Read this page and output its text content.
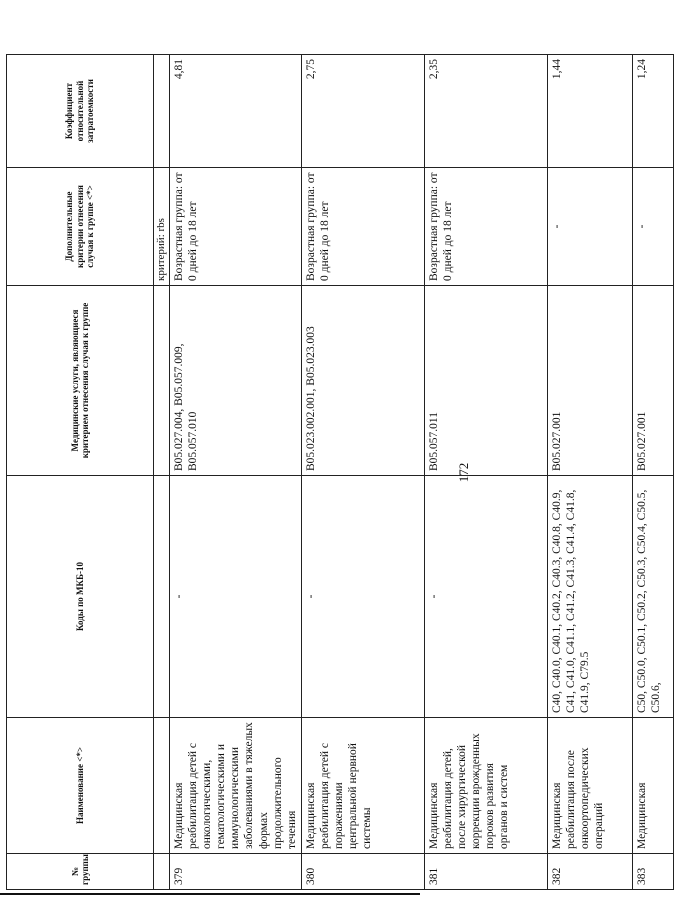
№ группы	Наименование <*>	Коды по МКБ-10	Медицинские услуги, являющиеся критерием отнесения случая к группе	Дополнительные критерии отнесения случая к группе <*>	Коэффициент относительной затратоемкости
				критерий: rbs	
379	Медицинская реабилитация детей с онкологическими, гематологическими и иммунологическими заболеваниями в тяжелых формах продолжительного течения	-	B05.027.004, B05.057.009, B05.057.010	Возрастная группа: от 0 дней до 18 лет	4,81
380	Медицинская реабилитация детей с поражениями центральной нервной системы	-	B05.023.002.001, B05.023.003	Возрастная группа: от 0 дней до 18 лет	2,75
381	Медицинская реабилитация детей, после хирургической коррекции врожденных пороков развития органов и систем	-	B05.057.011	Возрастная группа: от 0 дней до 18 лет	2,35
382	Медицинская реабилитация после онкоортопедических операций	C40, C40.0, C40.1, C40.2, C40.3, C40.8, C40.9, C41, C41.0, C41.1, C41.2, C41.3, C41.4, C41.8, C41.9, C79.5	B05.027.001	-	1,44
383	Медицинская	C50, C50.0, C50.1, C50.2, C50.3, C50.4, C50.5, C50.6,	B05.027.001	-	1,24
172
